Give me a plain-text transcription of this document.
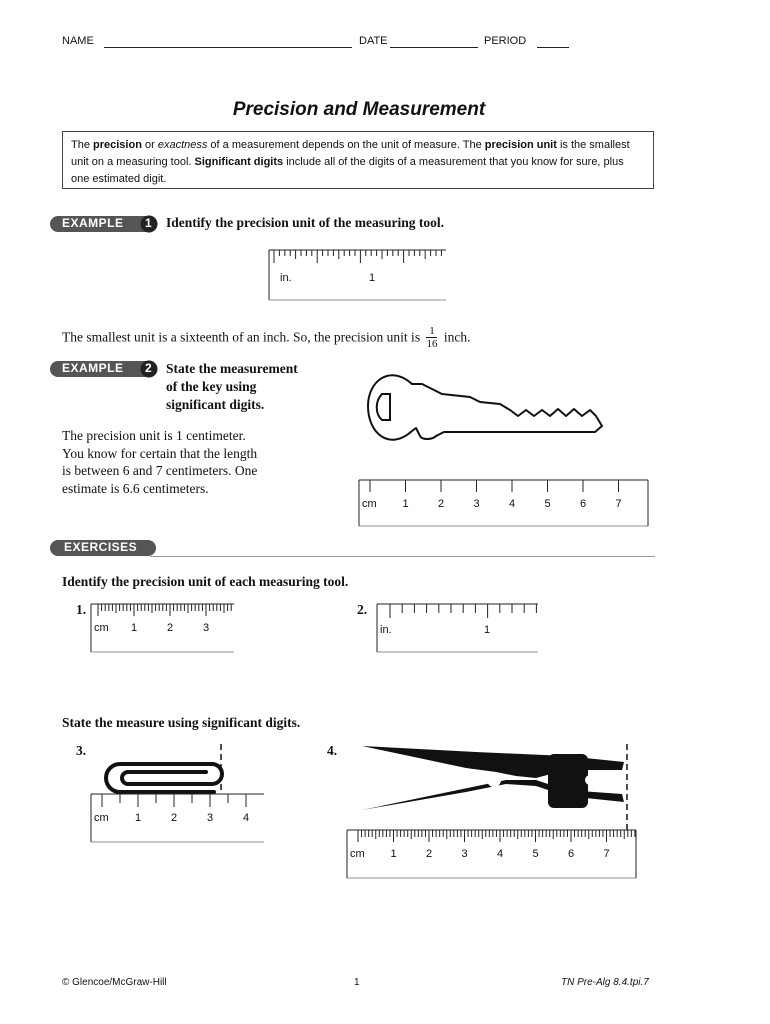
NAME	DATE	PERIOD
Precision and Measurement
The precision or exactness of a measurement depends on the unit of measure. The precision unit is the smallest unit on a measuring tool. Significant digits include all of the digits of a measurement that you know for sure, plus one estimated digit.
EXAMPLE 1 Identify the precision unit of the measuring tool.
in.	1
The smallest unit is a sixteenth of an inch. So, the precision unit is $\frac{1}{16}$ inch.
EXAMPLE 2 State the measurement
of the key using
significant digits.
The precision unit is 1 centimeter.
You know for certain that the length
is between 6 and 7 centimeters. One
estimate is 6.6 centimeters.
cm 1	2	3	4	5	6	7
EXERCISES
Identify the precision unit of each measuring tool.
1.
cm 1	2	3
2.
in.	1
State the measure using significant digits.
3.
cm 1	2	3	4
4.
cm 1	2	3	4	5	6	7
© Glencoe/McGraw-Hill	1	TN Pre-Alg 8.4.tpi.7
